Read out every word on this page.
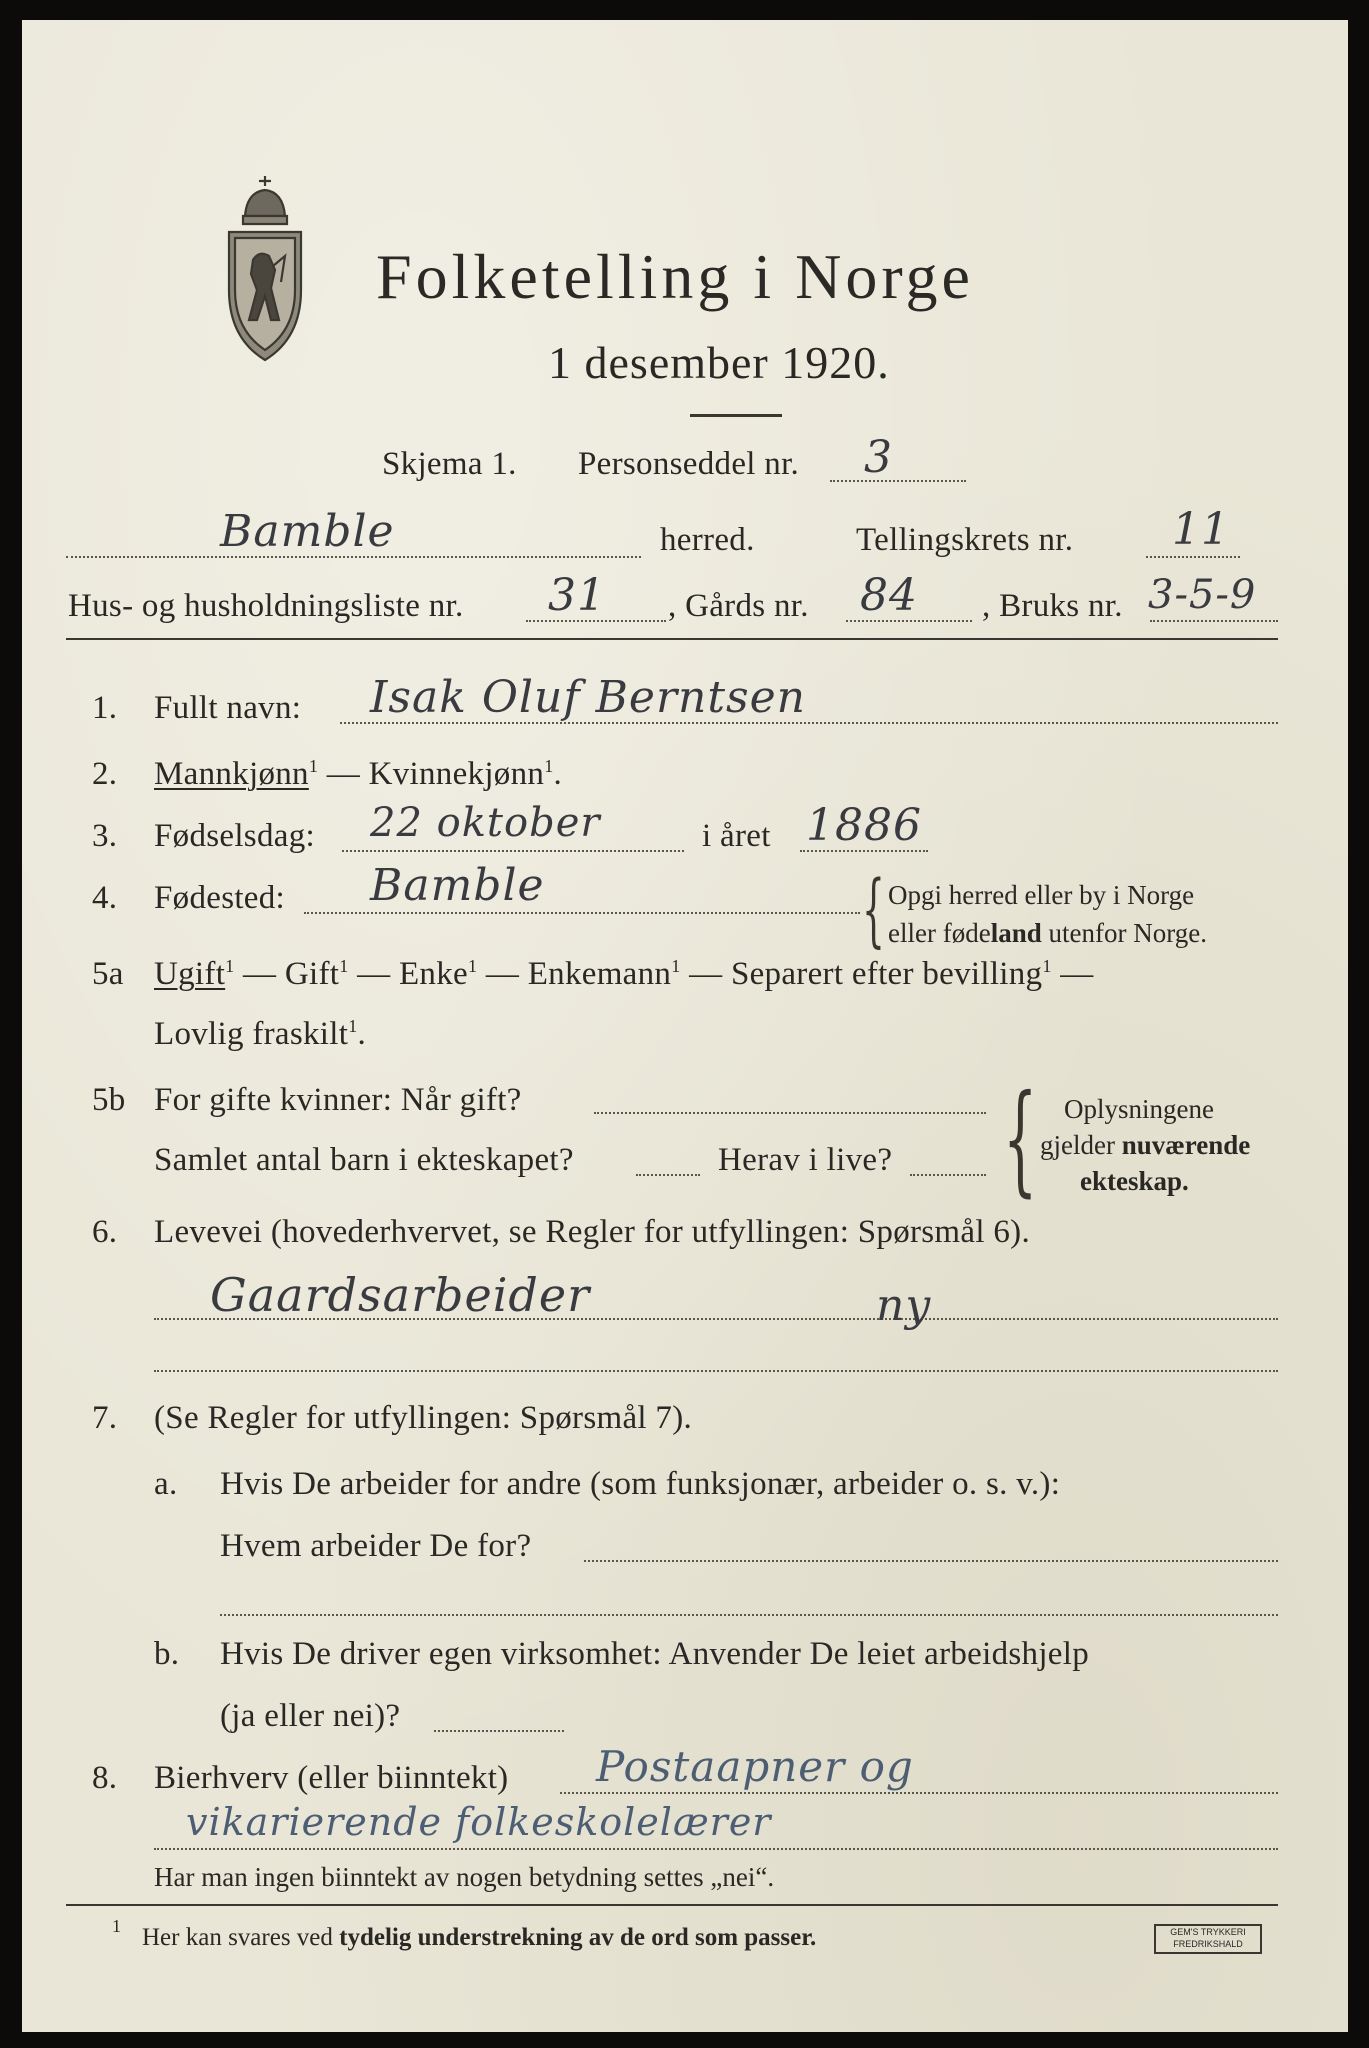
Folketelling i Norge
1 desember 1920.
Skjema 1. Personseddel nr. 3
Bamble	herred.	Tellingskrets nr. 11
Hus- og husholdningsliste nr. 31 , Gårds nr. 84 , Bruks nr. 3-5-9
1. Fullt navn: Isak Oluf Berntsen
2. Mannkjønn$^1$ — Kvinnekjønn$^1$.
3. Fødselsdag: 22 oktober	i året 1886
4. Fødested: Bamble	{ Opgi herred eller by i Norge
eller fødeland utenfor Norge.
5a Ugift$^1$ — Gift$^1$ — Enke$^1$ — Enkemann$^1$ — Separert efter bevilling$^1$ —
Lovlig fraskilt$^1$.
5b For gifte kvinner: Når gift?
Samlet antal barn i ekteskapet?	Herav i live? { Oplysningene
gjelder nuværende
ekteskap.
6. Levevei (hovederhvervet, se Regler for utfyllingen: Spørsmål 6).
Gaardsarbeider	ny
7. (Se Regler for utfyllingen: Spørsmål 7).
a. Hvis De arbeider for andre (som funksjonær, arbeider o. s. v.):
Hvem arbeider De for?
b. Hvis De driver egen virksomhet: Anvender De leiet arbeidshjelp
(ja eller nei)?
8. Bierhverv (eller biinntekt) Postaapner og
vikarierende folkeskolelærer
Har man ingen biinntekt av nogen betydning settes „nei“.
1 Her kan svares ved tydelig understrekning av de ord som passer.	GEM'S TRYKKERI
FREDRIKSHALD
